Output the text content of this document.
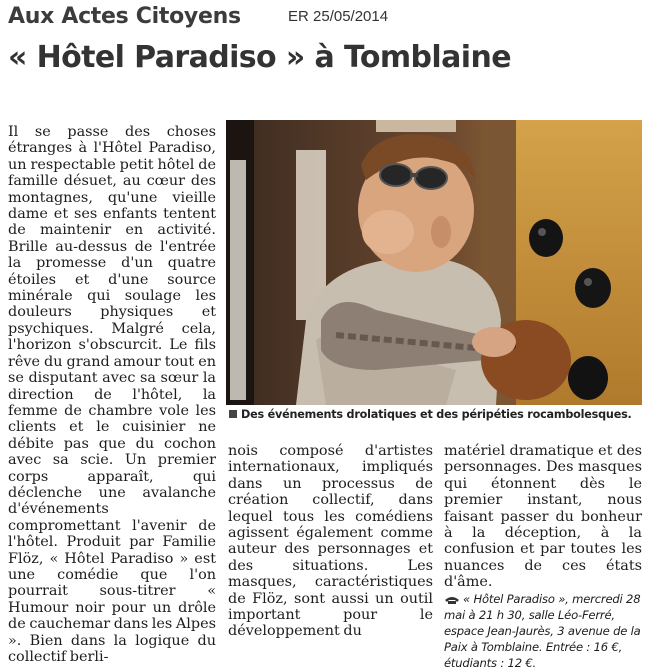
Aux Actes Citoyens	ER 25/05/2014
« Hôtel Paradiso » à Tomblaine
Il se passe des choses étranges à l'Hôtel Paradiso, un respectable petit hôtel de famille désuet, au cœur des montagnes, qu'une vieille dame et ses enfants tentent de maintenir en activité. Brille au-dessus de l'entrée la promesse d'un quatre étoiles et d'une source minérale qui soulage les douleurs physiques et psychiques. Malgré cela, l'horizon s'obscurcit. Le fils rêve du grand amour tout en se disputant avec sa sœur la direction de l'hôtel, la femme de chambre vole les clients et le cuisinier ne débite pas que du cochon avec sa scie. Un premier corps apparaît, qui déclenche une avalanche d'événements compromettant l'avenir de l'hôtel. Produit par Familie Flöz, « Hôtel Paradiso » est une comédie que l'on pourrait sous-titrer « Humour noir pour un drôle de cauchemar dans les Alpes ». Bien dans la logique du collectif berli-
Des événements drolatiques et des péripéties rocambolesques.
nois composé d'artistes internationaux, impliqués dans un processus de création collectif, dans lequel tous les comédiens agissent également comme auteur des personnages et des situations. Les masques, caractéristiques de Flöz, sont aussi un outil important pour le développement du
matériel dramatique et des personnages. Des masques qui étonnent dès le premier instant, nous faisant passer du bonheur à la déception, à la confusion et par toutes les nuances de ces états d'âme.
« Hôtel Paradiso », mercredi 28 mai à 21 h 30, salle Léo-Ferré, espace Jean-Jaurès, 3 avenue de la Paix à Tomblaine. Entrée : 16 €, étudiants : 12 €.
